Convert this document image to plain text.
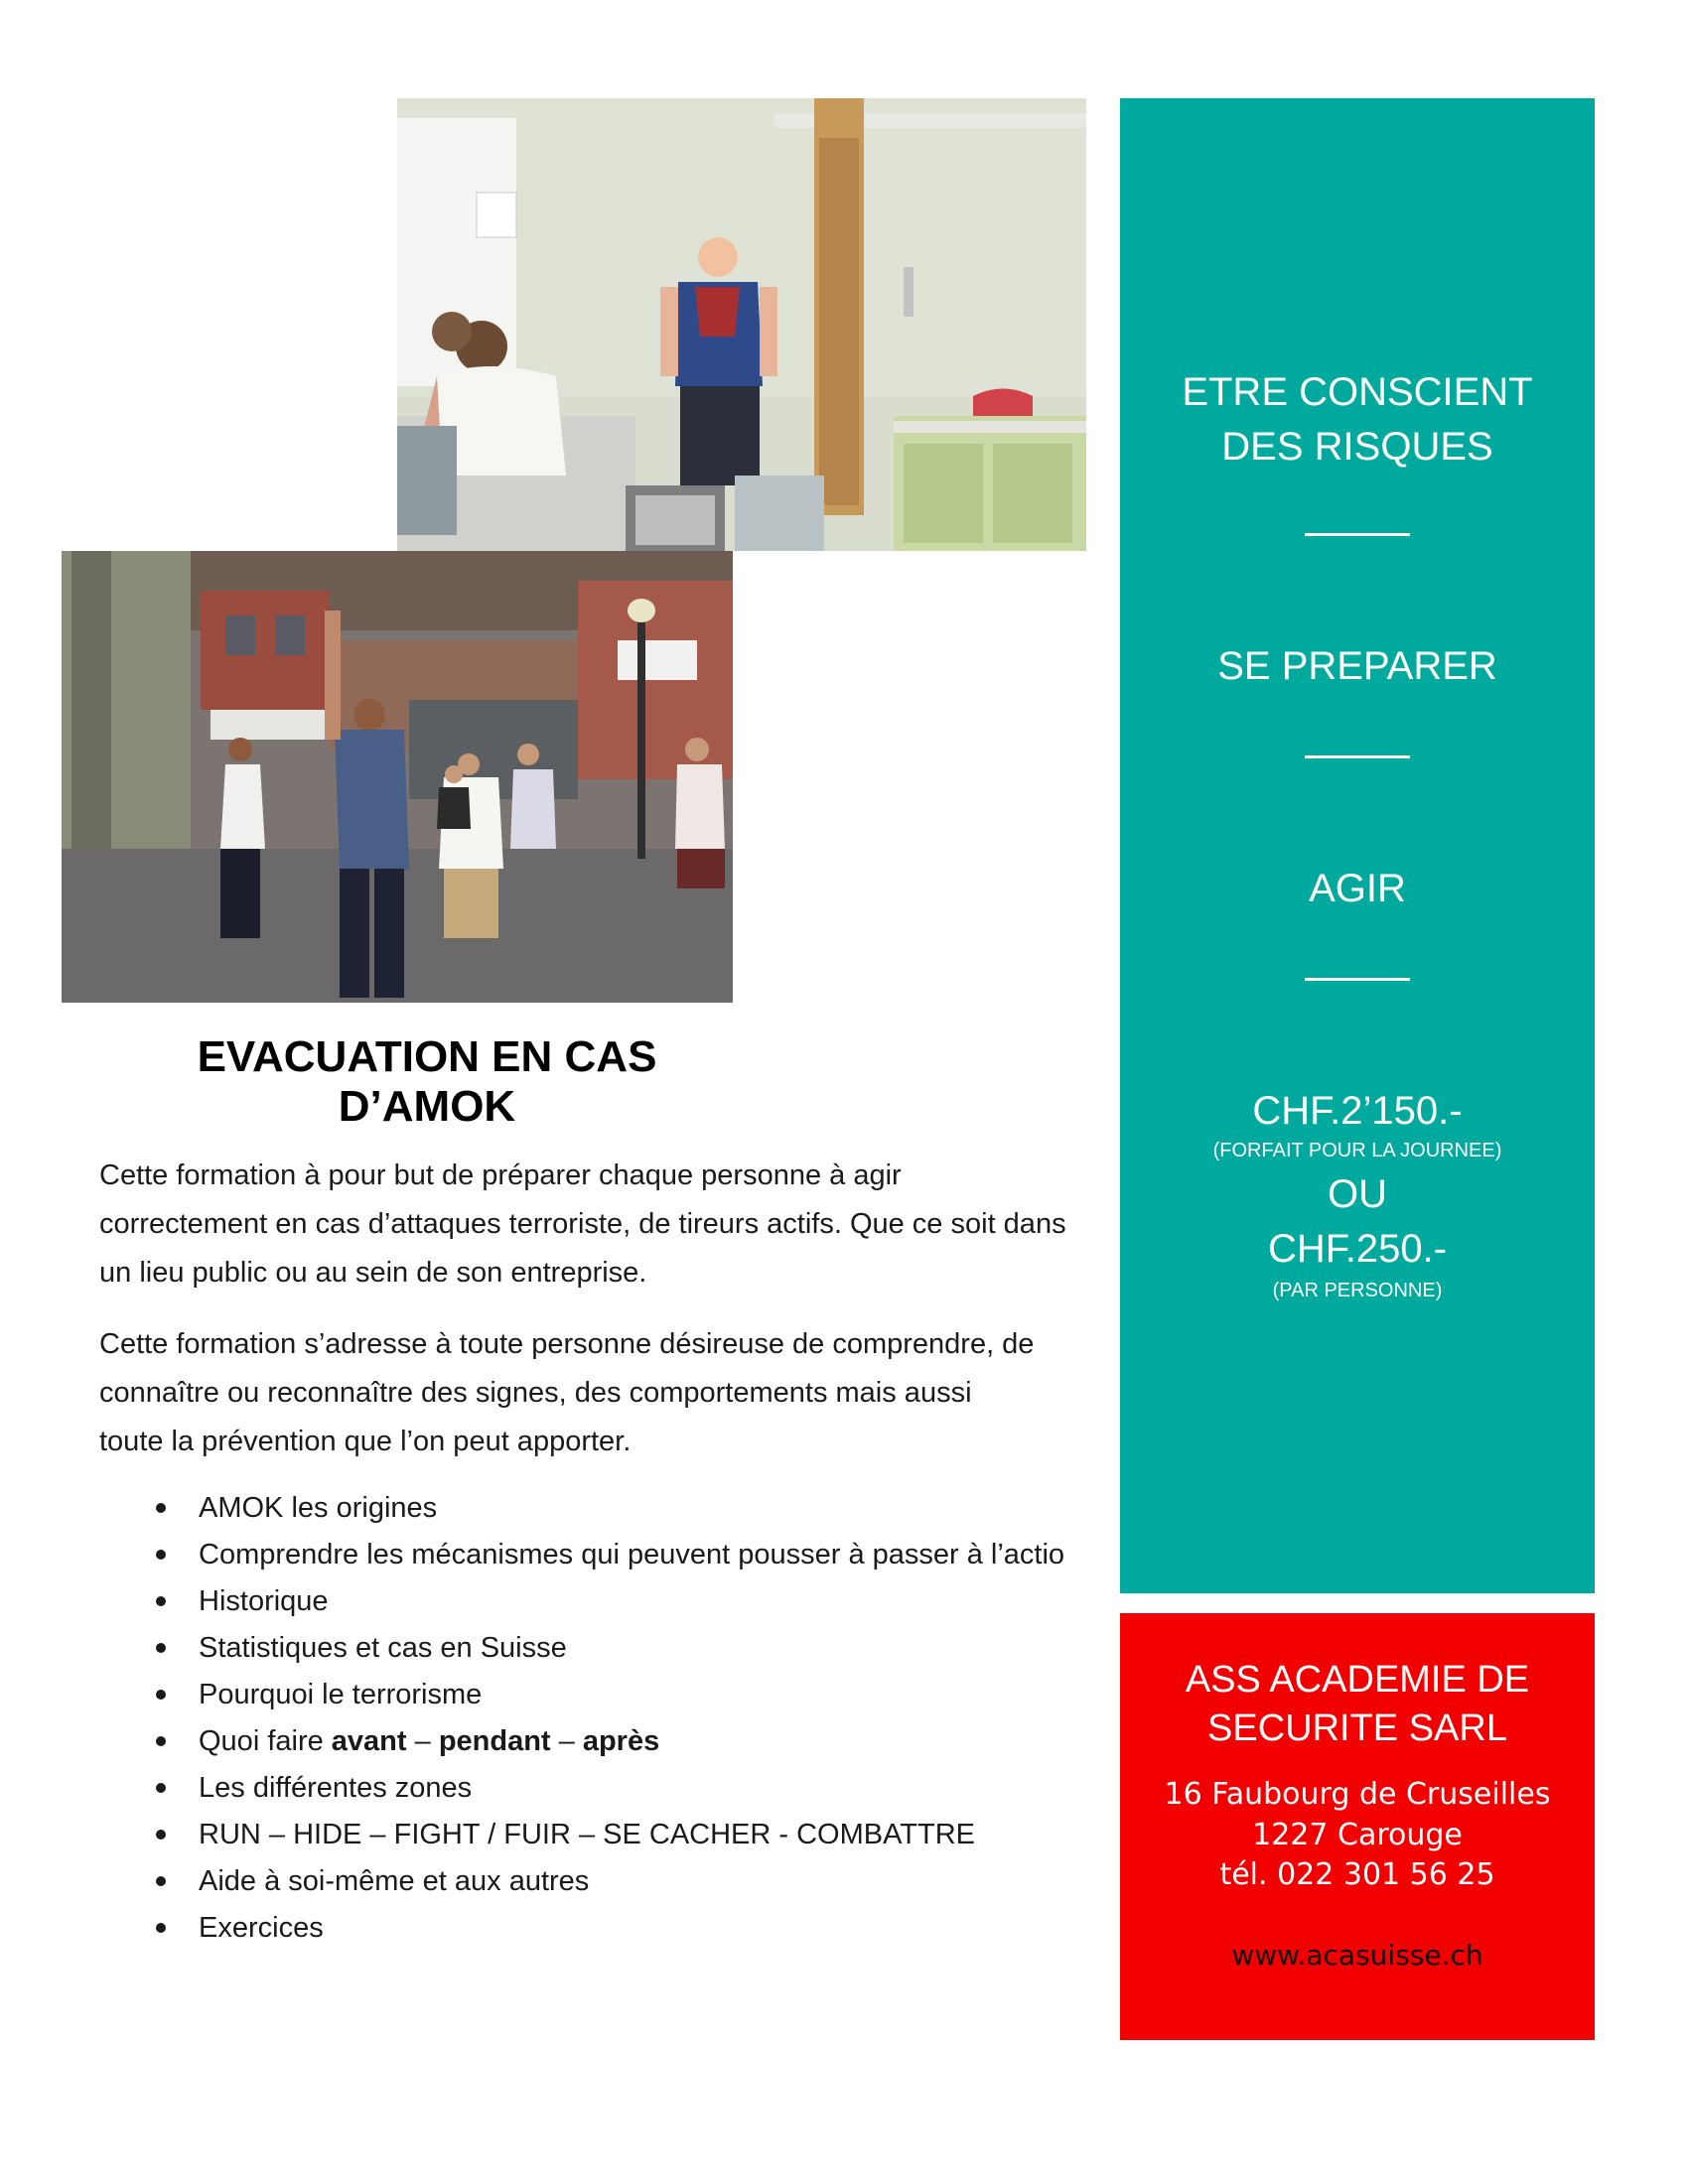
EVACUATION EN CAS D’AMOK
Cette formation à pour but de préparer chaque personne à agir correctement en cas d’attaques terroriste, de tireurs actifs. Que ce soit dans un lieu public ou au sein de son entreprise.
Cette formation s’adresse à toute personne désireuse de comprendre, de
connaître ou reconnaître des signes, des comportements mais aussi
toute la prévention que l’on peut apporter.
AMOK les origines
Comprendre les mécanismes qui peuvent pousser à passer à l’actio
Historique
Statistiques et cas en Suisse
Pourquoi le terrorisme
Quoi faire avant – pendant – après
Les différentes zones
RUN – HIDE – FIGHT / FUIR – SE CACHER - COMBATTRE
Aide à soi-même et aux autres
Exercices
ETRE CONSCIENT
DES RISQUES
SE PREPARER
AGIR
CHF.2’150.-
(FORFAIT POUR LA JOURNEE)
OU
CHF.250.-
(PAR PERSONNE)
ASS ACADEMIE DE
SECURITE SARL
16 Faubourg de Cruseilles
1227 Carouge
tél. 022 301 56 25
www.acasuisse.ch
